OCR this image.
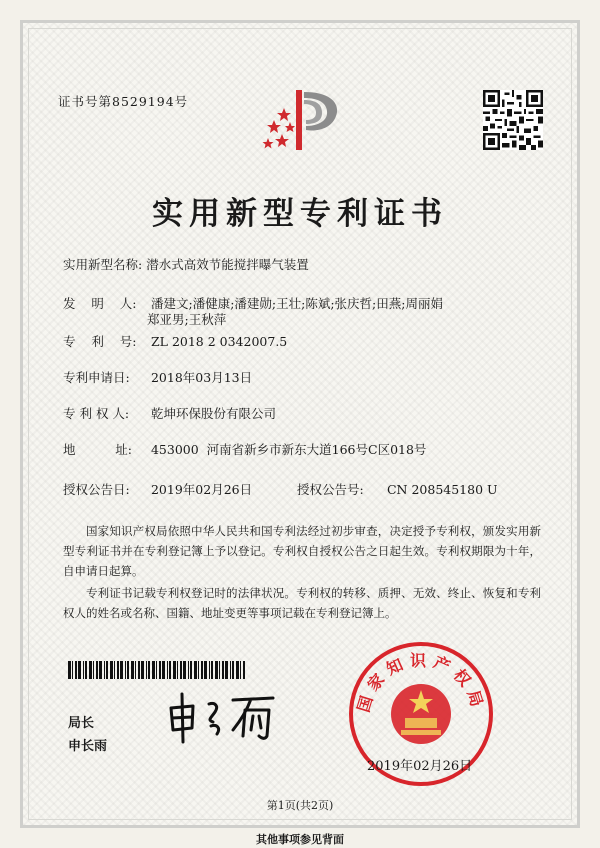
证书号第8529194号
实用新型专利证书
实用新型名称: 潜水式高效节能搅拌曝气装置
发    明    人: 潘建文;潘健康;潘建勋;王壮;陈斌;张庆哲;田燕;周丽娟
郑亚男;王秋萍
专    利    号: ZL 2018 2 0342007.5
专利申请日: 2018年03月13日
专 利 权 人: 乾坤环保股份有限公司
地          址: 453000  河南省新乡市新东大道166号C区018号
授权公告日: 2019年02月26日	授权公告号: CN 208545180 U
国家知识产权局依照中华人民共和国专利法经过初步审查，决定授予专利权，颁发实用新型专利证书并在专利登记簿上予以登记。专利权自授权公告之日起生效。专利权期限为十年，自申请日起算。
专利证书记载专利权登记时的法律状况。专利权的转移、质押、无效、终止、恢复和专利权人的姓名或名称、国籍、地址变更等事项记载在专利登记簿上。
局长
申长雨
国家知识产权局
2019年02月26日
第1页(共2页)
其他事项参见背面
